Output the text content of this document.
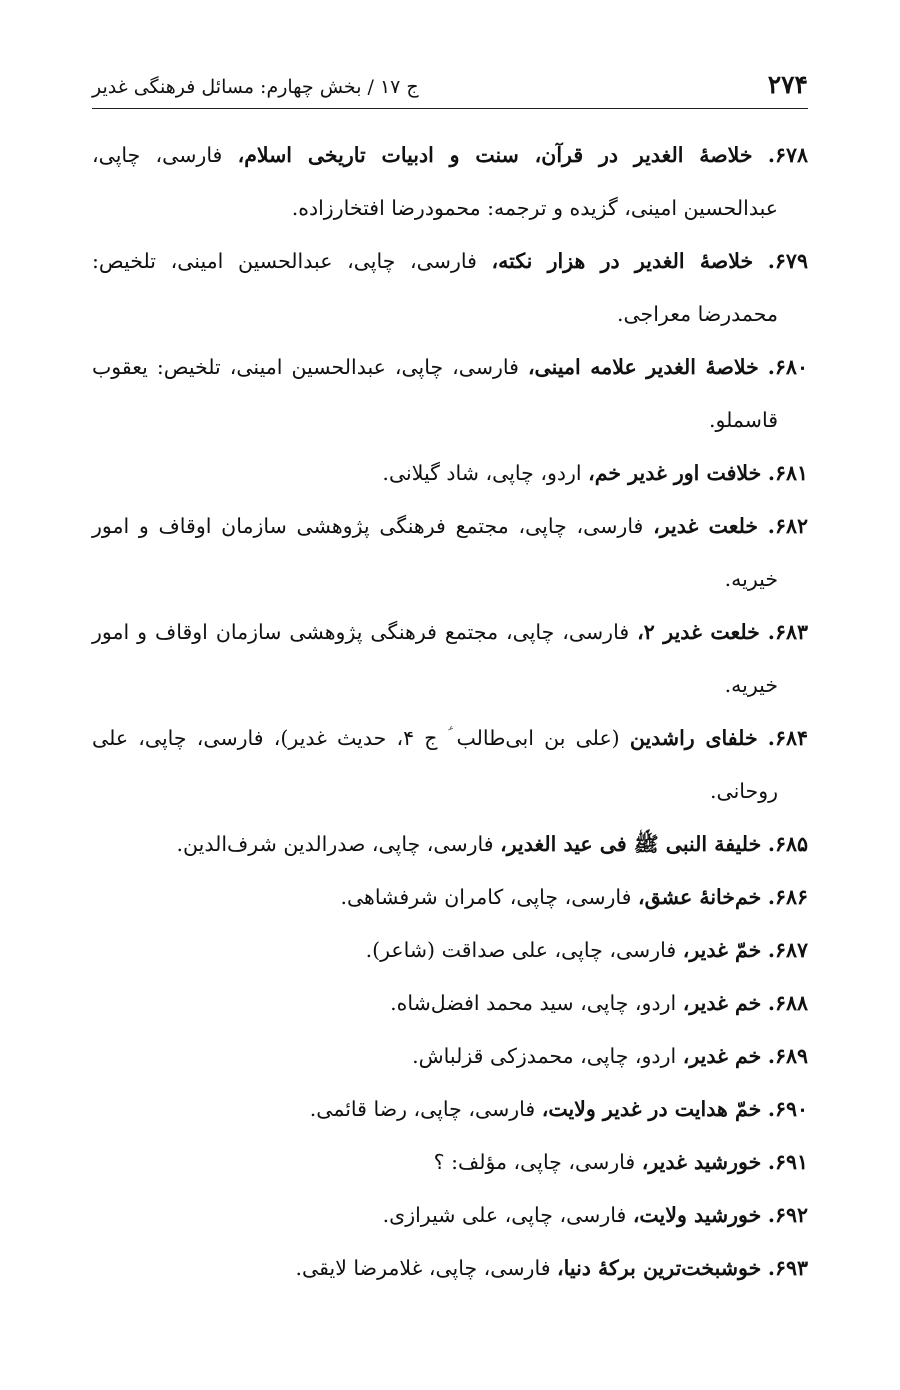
۲۷۴
ج ۱۷ / بخش چهارم: مسائل فرهنگی غدیر
۶۷۸. خلاصهٔ الغدیر در قرآن، سنت و ادبیات تاریخی اسلام، فارسی، چاپی، عبدالحسین امینی، گزیده و ترجمه: محمودرضا افتخارزاده.
۶۷۹. خلاصهٔ الغدیر در هزار نکته، فارسی، چاپی، عبدالحسین امینی، تلخیص: محمدرضا معراجی.
۶۸۰. خلاصهٔ الغدیر علامه امینی، فارسی، چاپی، عبدالحسین امینی، تلخیص: یعقوب قاسملو.
۶۸۱. خلافت اور غدیر خم، اردو، چاپی، شاد گیلانی.
۶۸۲. خلعت غدیر، فارسی، چاپی، مجتمع فرهنگی پژوهشی سازمان اوقاف و امور خیریه.
۶۸۳. خلعت غدیر ۲، فارسی، چاپی، مجتمع فرهنگی پژوهشی سازمان اوقاف و امور خیریه.
۶۸۴. خلفای راشدین (علی بن ابی‌طالب ؑ ج ۴، حدیث غدیر)، فارسی، چاپی، علی روحانی.
۶۸۵. خلیفة النبی ﷺ فی عید الغدیر، فارسی، چاپی، صدرالدین شرف‌الدین.
۶۸۶. خم‌خانهٔ عشق، فارسی، چاپی، کامران شرفشاهی.
۶۸۷. خمّ غدیر، فارسی، چاپی، علی صداقت (شاعر).
۶۸۸. خم غدیر، اردو، چاپی، سید محمد افضل‌شاه.
۶۸۹. خم غدیر، اردو، چاپی، محمدزکی قزلباش.
۶۹۰. خمّ هدایت در غدیر ولایت، فارسی، چاپی، رضا قائمی.
۶۹۱. خورشید غدیر، فارسی، چاپی، مؤلف: ؟
۶۹۲. خورشید ولایت، فارسی، چاپی، علی شیرازی.
۶۹۳. خوشبخت‌ترین برکهٔ دنیا، فارسی، چاپی، غلامرضا لایقی.
